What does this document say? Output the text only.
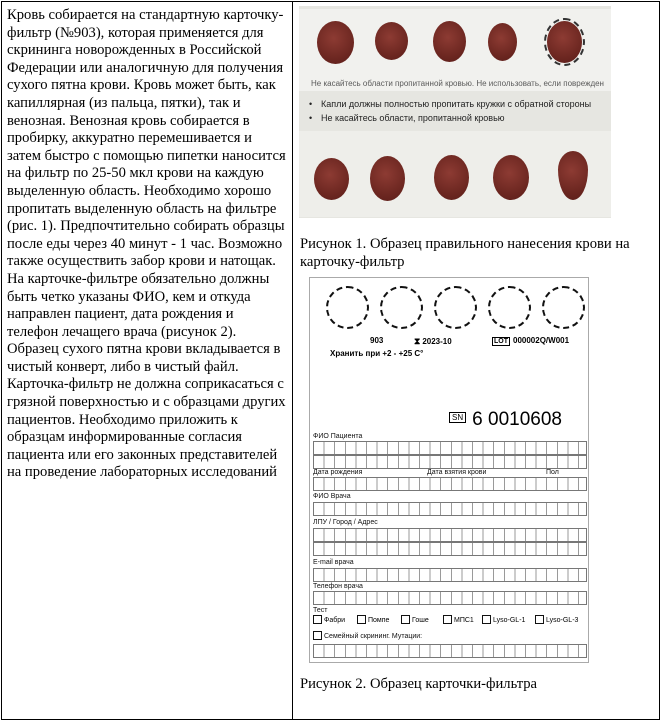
Кровь собирается на стандартную карточку-фильтр (№903), которая применяется для скрининга новорожденных в Российской Федерации или аналогичную для получения сухого пятна крови. Кровь может быть, как капиллярная (из пальца, пятки), так и венозная. Венозная кровь собирается в пробирку, аккуратно перемешивается и затем быстро с помощью пипетки наносится на фильтр по 25-50 мкл крови на каждую выделенную область. Необходимо хорошо пропитать выделенную область на фильтре (рис. 1). Предпочтительно собирать образцы после еды через 40 минут - 1 час. Возможно также осуществить забор крови и натощак.

На карточке-фильтре обязательно должны быть четко указаны ФИО, кем и откуда направлен пациент, дата рождения и телефон лечащего врача (рисунок 2).

Образец сухого пятна крови вкладывается в чистый конверт, либо в чистый файл. Карточка-фильтр не должна соприкасаться с грязной поверхностью и с образцами других пациентов. Необходимо приложить к образцам информированные согласия пациента или его законных представителей на проведение лабораторных исследований

Не касайтесь области пропитанной кровью. Не использовать, если поврежден
• Капли должны полностью пропитать кружки с обратной стороны
• Не касайтесь области, пропитанной кровью
Рисунок 1. Образец правильного нанесения крови на карточку-фильтр
903	⧗ 2023-10	LOT 000002Q/W001
Хранить при +2 - +25 С°
SN 6 0010608
ФИО Пациента
Дата рождения	Дата взятия крови	Пол
ФИО Врача
ЛПУ / Город / Адрес
E-mail врача
Телефон врача
Тест
Фабри	Помпе	Гоше	МПС1	Lyso-GL-1	Lyso-GL-3
Семейный скрининг. Мутации:
Рисунок 2. Образец карточки-фильтра
